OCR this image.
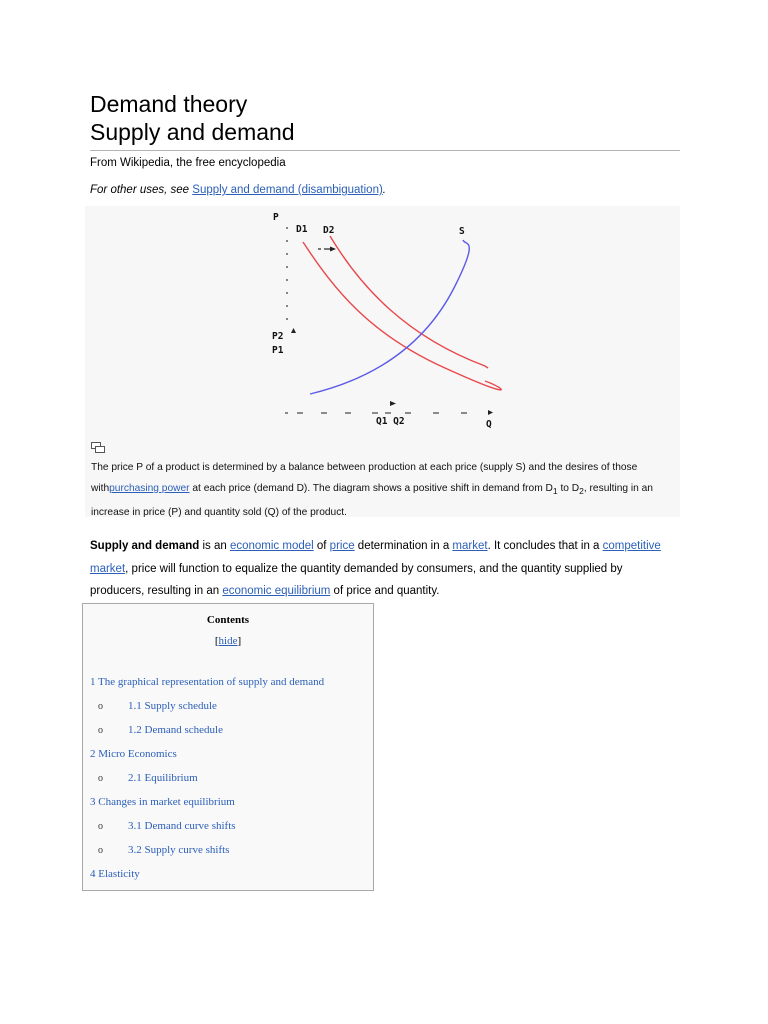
Demand theory
Supply and demand
From Wikipedia, the free encyclopedia
For other uses, see Supply and demand (disambiguation).
P
D1 D2	S
P2
P1
Q
Q1 Q2
The price P of a product is determined by a balance between production at each price (supply S) and the desires of those withpurchasing power at each price (demand D). The diagram shows a positive shift in demand from $D_1$ to $D_2$, resulting in an increase in price (P) and quantity sold (Q) of the product.
Supply and demand is an economic model of price determination in a market. It concludes that in a competitive market, price will function to equalize the quantity demanded by consumers, and the quantity supplied by producers, resulting in an economic equilibrium of price and quantity.
Contents
[hide]
1 The graphical representation of supply and demand
o 1.1 Supply schedule
o 1.2 Demand schedule
2 Micro Economics
o 2.1 Equilibrium
3 Changes in market equilibrium
o 3.1 Demand curve shifts
o 3.2 Supply curve shifts
4 Elasticity
